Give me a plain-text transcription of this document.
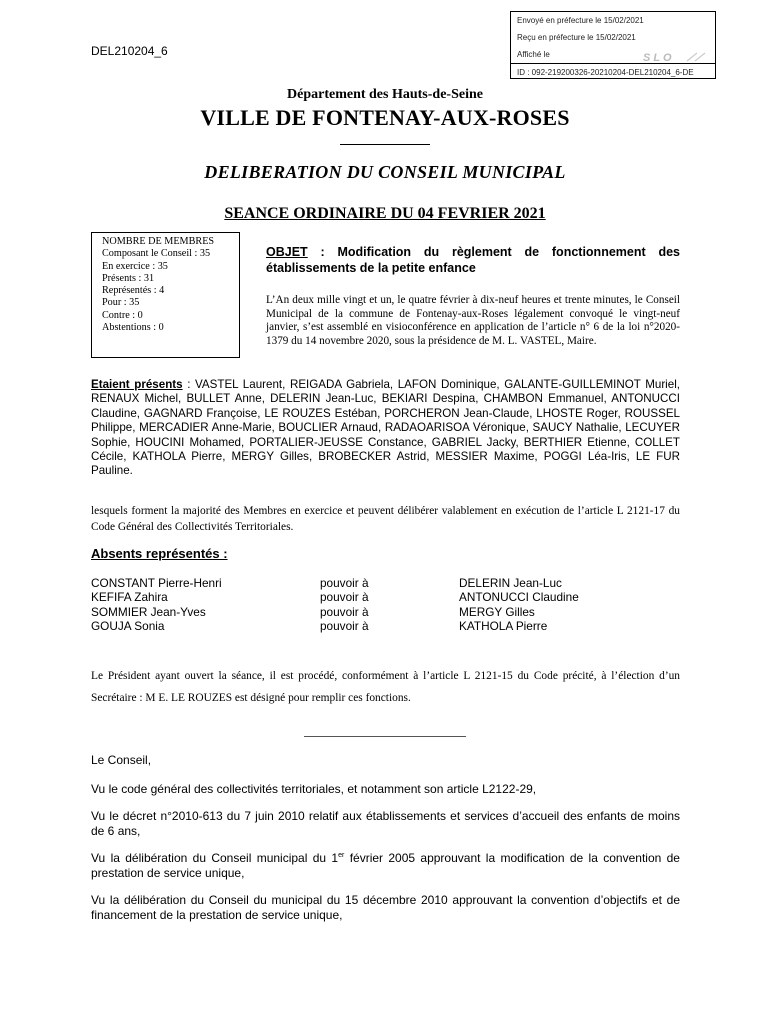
Envoyé en préfecture le 15/02/2021
Reçu en préfecture le 15/02/2021
Affiché le	SLO
ID : 092-219200326-20210204-DEL210204_6-DE
DEL210204_6
Département des Hauts-de-Seine
VILLE DE FONTENAY-AUX-ROSES
DELIBERATION DU CONSEIL MUNICIPAL
SEANCE ORDINAIRE DU 04 FEVRIER 2021
NOMBRE DE MEMBRES
Composant le Conseil : 35
En exercice : 35
Présents : 31
Représentés : 4
Pour : 35
Contre : 0
Abstentions : 0
OBJET : Modification du règlement de fonctionnement des établissements de la petite enfance
L’An deux mille vingt et un, le quatre février à dix-neuf heures et trente minutes, le Conseil Municipal de la commune de Fontenay-aux-Roses légalement convoqué le vingt-neuf janvier, s’est assemblé en visioconférence en application de l’article n° 6 de la loi n°2020-1379 du 14 novembre 2020, sous la présidence de M. L. VASTEL, Maire.
Etaient présents : VASTEL Laurent, REIGADA Gabriela, LAFON Dominique, GALANTE-GUILLEMINOT Muriel, RENAUX Michel, BULLET Anne, DELERIN Jean-Luc, BEKIARI Despina, CHAMBON Emmanuel, ANTONUCCI Claudine, GAGNARD Françoise, LE ROUZES Estéban, PORCHERON Jean-Claude, LHOSTE Roger, ROUSSEL Philippe, MERCADIER Anne-Marie, BOUCLIER Arnaud, RADAOARISOA Véronique, SAUCY Nathalie, LECUYER Sophie, HOUCINI Mohamed, PORTALIER-JEUSSE Constance, GABRIEL Jacky, BERTHIER Etienne, COLLET Cécile, KATHOLA Pierre, MERGY Gilles, BROBECKER Astrid, MESSIER Maxime, POGGI Léa-Iris, LE FUR Pauline.
lesquels forment la majorité des Membres en exercice et peuvent délibérer valablement en exécution de l’article L 2121-17 du Code Général des Collectivités Territoriales.
Absents représentés :
CONSTANT Pierre-Henri	pouvoir à	DELERIN Jean-Luc
KEFIFA Zahira	pouvoir à	ANTONUCCI Claudine
SOMMIER Jean-Yves	pouvoir à	MERGY Gilles
GOUJA Sonia	pouvoir à	KATHOLA Pierre
Le Président ayant ouvert la séance, il est procédé, conformément à l’article L 2121-15 du Code précité, à l’élection d’un Secrétaire : M E. LE ROUZES est désigné pour remplir ces fonctions.
Le Conseil,
Vu le code général des collectivités territoriales, et notamment son article L2122-29,
Vu le décret n°2010-613 du 7 juin 2010 relatif aux établissements et services d’accueil des enfants de moins de 6 ans,
Vu la délibération du Conseil municipal du 1er février 2005 approuvant la modification de la convention de prestation de service unique,
Vu la délibération du Conseil du municipal du 15 décembre 2010 approuvant la convention d’objectifs et de financement de la prestation de service unique,
